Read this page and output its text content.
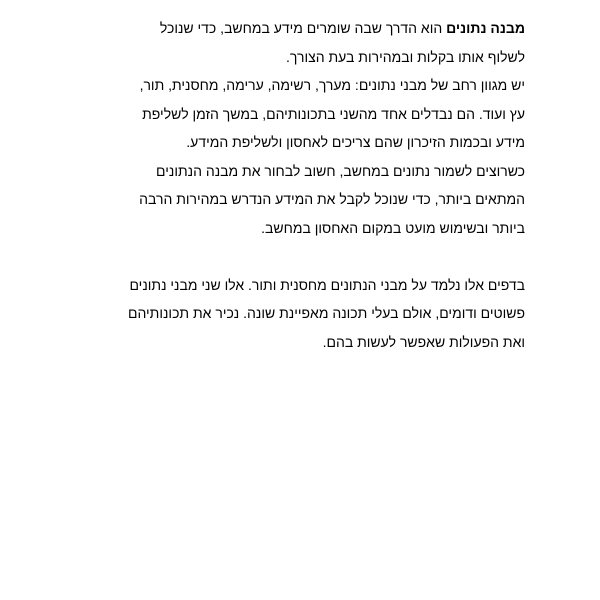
מבנה נתונים הוא הדרך שבה שומרים מידע במחשב, כדי שנוכל לשלוף אותו בקלות ובמהירות בעת הצורך.

יש מגוון רחב של מבני נתונים: מערך, רשימה, ערימה, מחסנית, תור, עץ ועוד. הם נבדלים אחד מהשני בתכונותיהם, במשך הזמן לשליפת מידע ובכמות הזיכרון שהם צריכים לאחסון ולשליפת המידע.

כשרוצים לשמור נתונים במחשב, חשוב לבחור את מבנה הנתונים המתאים ביותר, כדי שנוכל לקבל את המידע הנדרש במהירות הרבה ביותר ובשימוש מועט במקום האחסון במחשב.

בדפים אלו נלמד על מבני הנתונים מחסנית ותור. אלו שני מבני נתונים פשוטים ודומים, אולם בעלי תכונה מאפיינת שונה. נכיר את תכונותיהם ואת הפעולות שאפשר לעשות בהם.
